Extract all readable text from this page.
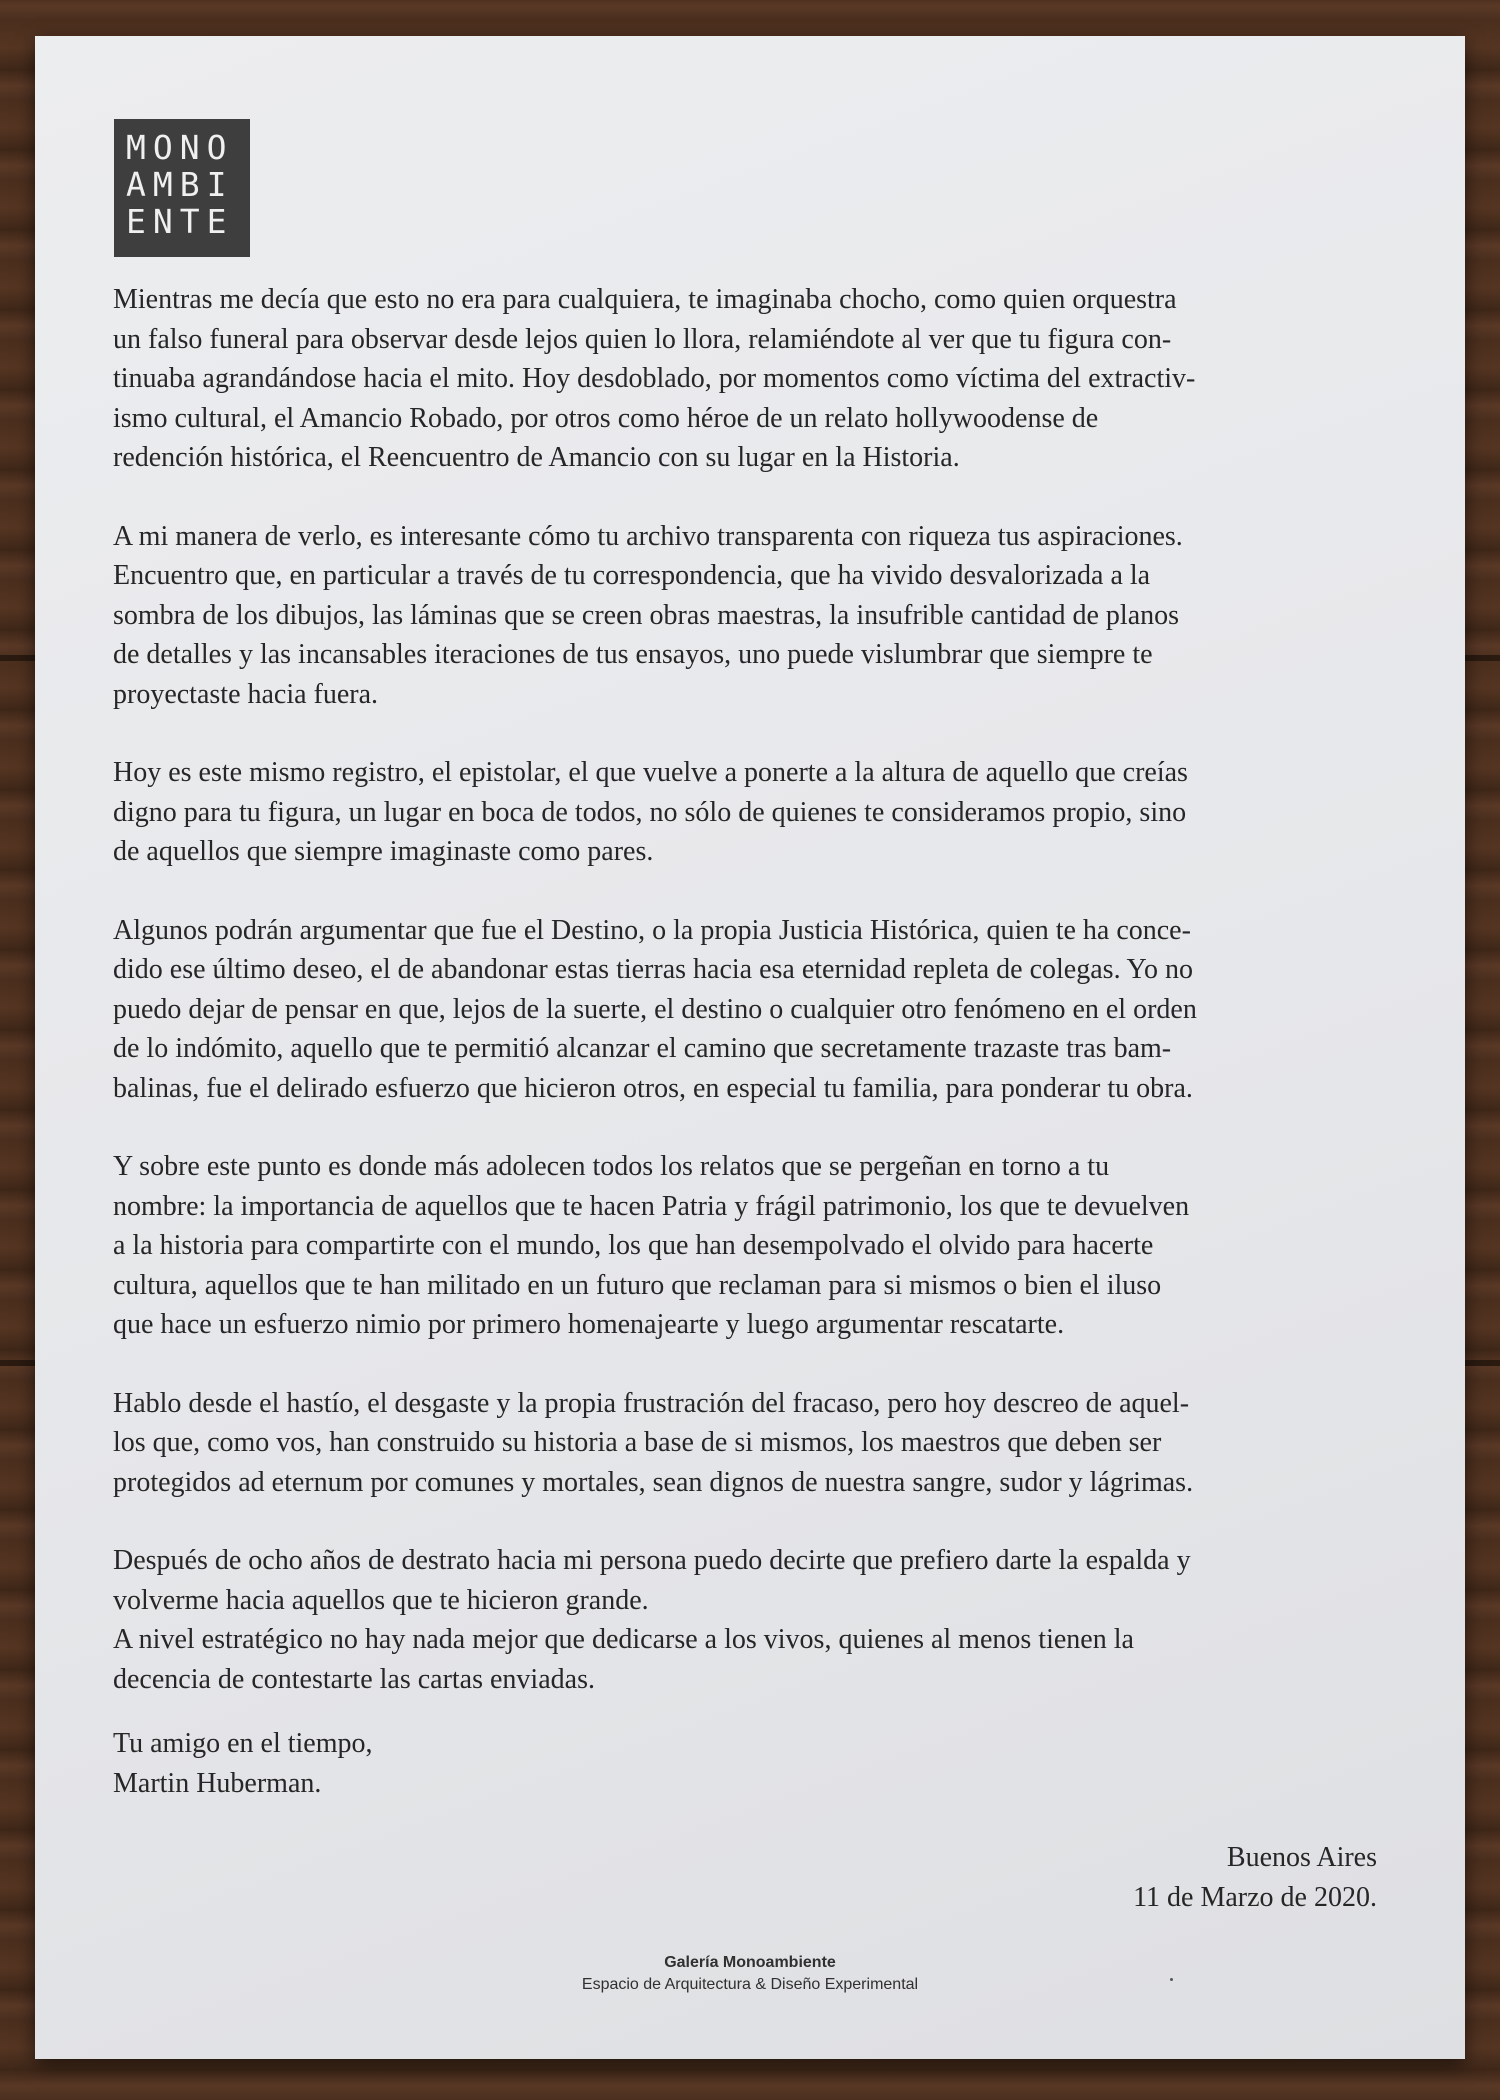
MONO
AMBI
ENTE
Mientras me decía que esto no era para cualquiera, te imaginaba chocho, como quien orquestra
un falso funeral para observar desde lejos quien lo llora, relamiéndote al ver que tu figura con-
tinuaba agrandándose hacia el mito. Hoy desdoblado, por momentos como víctima del extractiv-
ismo cultural, el Amancio Robado, por otros como héroe de un relato hollywoodense de
redención histórica, el Reencuentro de Amancio con su lugar en la Historia.
A mi manera de verlo, es interesante cómo tu archivo transparenta con riqueza tus aspiraciones.
Encuentro que, en particular a través de tu correspondencia, que ha vivido desvalorizada a la
sombra de los dibujos, las láminas que se creen obras maestras, la insufrible cantidad de planos
de detalles y las incansables iteraciones de tus ensayos, uno puede vislumbrar que siempre te
proyectaste hacia fuera.
Hoy es este mismo registro, el epistolar, el que vuelve a ponerte a la altura de aquello que creías
digno para tu figura, un lugar en boca de todos, no sólo de quienes te consideramos propio, sino
de aquellos que siempre imaginaste como pares.
Algunos podrán argumentar que fue el Destino, o la propia Justicia Histórica, quien te ha conce-
dido ese último deseo, el de abandonar estas tierras hacia esa eternidad repleta de colegas. Yo no
puedo dejar de pensar en que, lejos de la suerte, el destino o cualquier otro fenómeno en el orden
de lo indómito, aquello que te permitió alcanzar el camino que secretamente trazaste tras bam-
balinas, fue el delirado esfuerzo que hicieron otros, en especial tu familia, para ponderar tu obra.
Y sobre este punto es donde más adolecen todos los relatos que se pergeñan en torno a tu
nombre: la importancia de aquellos que te hacen Patria y frágil patrimonio, los que te devuelven
a la historia para compartirte con el mundo, los que han desempolvado el olvido para hacerte
cultura, aquellos que te han militado en un futuro que reclaman para si mismos o bien el iluso
que hace un esfuerzo nimio por primero homenajearte y luego argumentar rescatarte.
Hablo desde el hastío, el desgaste y la propia frustración del fracaso, pero hoy descreo de aquel-
los que, como vos, han construido su historia a base de si mismos, los maestros que deben ser
protegidos ad eternum por comunes y mortales, sean dignos de nuestra sangre, sudor y lágrimas.
Después de ocho años de destrato hacia mi persona puedo decirte que prefiero darte la espalda y
volverme hacia aquellos que te hicieron grande.
A nivel estratégico no hay nada mejor que dedicarse a los vivos, quienes al menos tienen la
decencia de contestarte las cartas enviadas.
Tu amigo en el tiempo,
Martin Huberman.
Buenos Aires
11 de Marzo de 2020.
Galería Monoambiente
Espacio de Arquitectura & Diseño Experimental
